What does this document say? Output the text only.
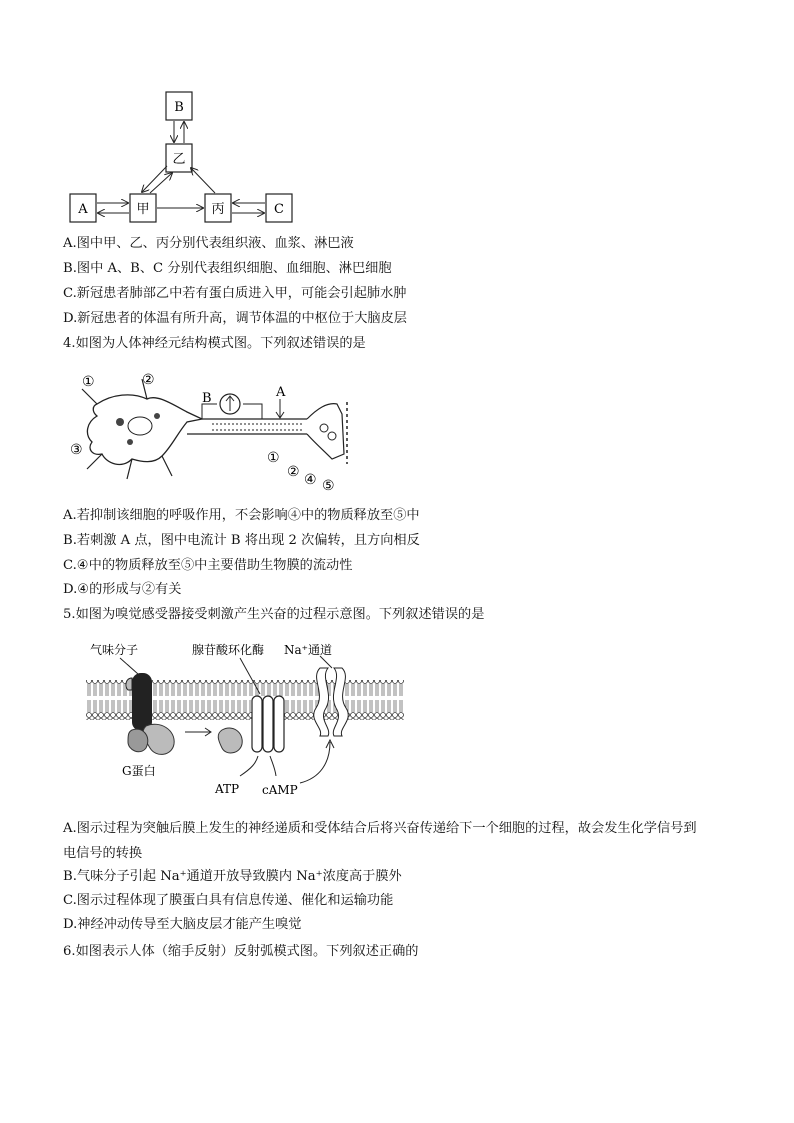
B
乙
A	甲	丙	C
A.图中甲、乙、丙分别代表组织液、血浆、淋巴液
B.图中 A、B、C 分别代表组织细胞、血细胞、淋巴细胞
C.新冠患者肺部乙中若有蛋白质进入甲，可能会引起肺水肿
D.新冠患者的体温有所升高，调节体温的中枢位于大脑皮层
4.如图为人体神经元结构模式图。下列叙述错误的是
①	②
③
B	A
①
② ④ ⑤
A.若抑制该细胞的呼吸作用，不会影响④中的物质释放至⑤中
B.若刺激 A 点，图中电流计 B 将出现 2 次偏转，且方向相反
C.④中的物质释放至⑤中主要借助生物膜的流动性
D.④的形成与②有关
5.如图为嗅觉感受器接受刺激产生兴奋的过程示意图。下列叙述错误的是
气味分子	腺苷酸环化酶 Na⁺通道
G蛋白
ATP cAMP
A.图示过程为突触后膜上发生的神经递质和受体结合后将兴奋传递给下一个细胞的过程，故会发生化学信号到
电信号的转换
B.气味分子引起 Na⁺通道开放导致膜内 Na⁺浓度高于膜外
C.图示过程体现了膜蛋白具有信息传递、催化和运输功能
D.神经冲动传导至大脑皮层才能产生嗅觉
6.如图表示人体（缩手反射）反射弧模式图。下列叙述正确的
